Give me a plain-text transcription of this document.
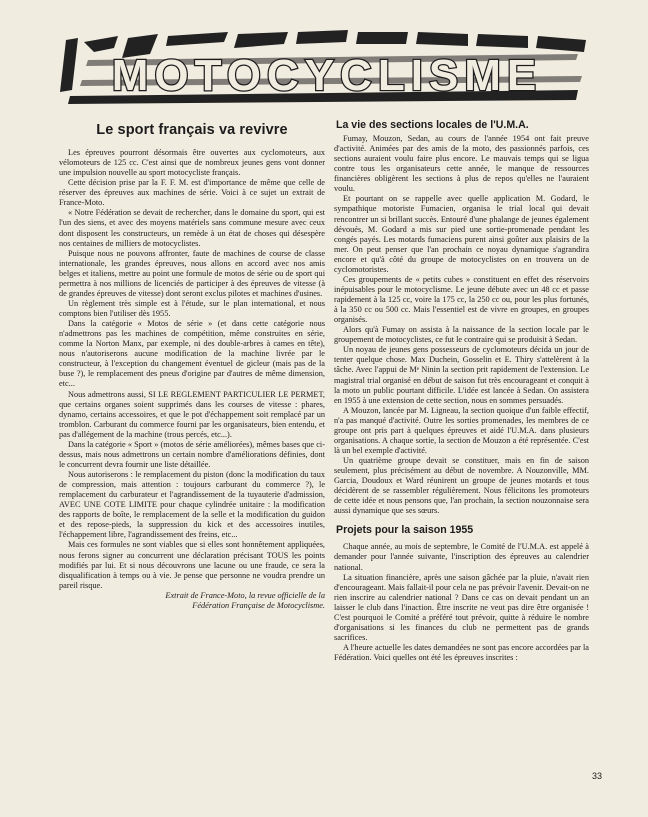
MOTOCYCLISME
Le sport français va revivre

Les épreuves pourront désormais être ouvertes aux cyclomoteurs, aux vélomoteurs de 125 cc. C'est ainsi que de nombreux jeunes gens vont donner une impulsion nouvelle au sport motocycliste français.

Cette décision prise par la F. F. M. est d'importance de même que celle de réserver des épreuves aux machines de série. Voici à ce sujet un extrait de France-Moto.

« Notre Fédération se devait de rechercher, dans le domaine du sport, qui est l'un des siens, et avec des moyens matériels sans commune mesure avec ceux dont disposent les constructeurs, un remède à un état de choses qui désespère nos centaines de milliers de motocyclistes.

Puisque nous ne pouvons affronter, faute de machines de course de classe internationale, les grandes épreuves, nous allons en accord avec nos amis belges et italiens, mettre au point une formule de motos de série ou de sport qui permettra à nos millions de licenciés de participer à des épreuves de vitesse (à de grandes épreuves de vitesse) dont seront exclus pilotes et machines d'usines.

Un règlement très simple est à l'étude, sur le plan international, et nous comptons bien l'utiliser dès 1955.

Dans la catégorie « Motos de série » (et dans cette catégorie nous n'admettrons pas les machines de compétition, même construites en série, comme la Norton Manx, par exemple, ni des double-arbres à cames en tête), nous n'autoriserons aucune modification de la machine livrée par le constructeur, à l'exception du changement éventuel de gicleur (mais pas de la buse ?), le remplacement des pneus d'origine par d'autres de même dimension, etc...

Nous admettrons aussi, SI LE REGLEMENT PARTICULIER LE PERMET, que certains organes soient supprimés dans les courses de vitesse : phares, dynamo, certains accessoires, et que le pot d'échappement soit remplacé par un tromblon. Carburant du commerce fourni par les organisateurs, bien entendu, et pas d'allégement de la machine (trous percés, etc...).

Dans la catégorie « Sport » (motos de série améliorées), mêmes bases que ci-dessus, mais nous admettrons un certain nombre d'améliorations définies, dont le concurrent devra fournir une liste détaillée.

Nous autoriserons : le remplacement du piston (donc la modification du taux de compression, mais attention : toujours carburant du commerce ?), le remplacement du carburateur et l'agrandissement de la tuyauterie d'admission, AVEC UNE COTE LIMITE pour chaque cylindrée unitaire : la modification des rapports de boîte, le remplacement de la selle et la modification du guidon et des repose-pieds, la suppression du kick et des accessoires inutiles, l'échappement libre, l'agrandissement des freins, etc...

Mais ces formules ne sont viables que si elles sont honnêtement appliquées, nous ferons signer au concurrent une déclaration précisant TOUS les points modifiés par lui. Et si nous découvrons une lacune ou une fraude, ce sera la disqualification à temps ou à vie. Je pense que personne ne voudra prendre un pareil risque.

Extrait de France-Moto, la revue officielle de la
Fédération Française de Motocyclisme.

La vie des sections locales de l'U.M.A.

Fumay, Mouzon, Sedan, au cours de l'année 1954 ont fait preuve d'activité. Animées par des amis de la moto, des passionnés parfois, ces sections auraient voulu faire plus encore. Le mauvais temps qui se ligua contre tous les organisateurs cette année, le manque de ressources financières obligèrent les sections à plus de repos qu'elles ne l'auraient voulu.

Et pourtant on se rappelle avec quelle application M. Godard, le sympathique motoriste Fumacien, organisa le trial local qui devait rencontrer un si brillant succès. Entouré d'une phalange de jeunes également dévoués, M. Godard a mis sur pied une sortie-promenade pendant les congés payés. Les motards fumaciens purent ainsi goûter aux plaisirs de la mer. On peut penser que l'an prochain ce noyau dynamique s'agrandira encore et qu'à côté du groupe de motocyclistes on en trouvera un de cyclomotoristes.

Ces groupements de « petits cubes » constituent en effet des réservoirs inépuisables pour le motocyclisme. Le jeune débute avec un 48 cc et passe rapidement à la 125 cc, voire la 175 cc, la 250 cc ou, pour les plus fortunés, à la 350 cc ou 500 cc. Mais l'essentiel est de vivre en groupes, en groupes organisés.

Alors qu'à Fumay on assista à la naissance de la section locale par le groupement de motocyclistes, ce fut le contraire qui se produisit à Sedan.

Un noyau de jeunes gens possesseurs de cyclomoteurs décida un jour de tenter quelque chose. Max Duchein, Gosselin et E. Thiry s'attelèrent à la tâche. Avec l'appui de Mᵉ Ninin la section prit rapidement de l'extension. Le magistral trial organisé en début de saison fut très encourageant et conquit à la moto un public pourtant difficile. L'idée est lancée à Sedan. On assistera en 1955 à une extension de cette section, nous en sommes persuadés.

A Mouzon, lancée par M. Ligneau, la section quoique d'un faible effectif, n'a pas manqué d'activité. Outre les sorties promenades, les membres de ce groupe ont pris part à quelques épreuves et aidé l'U.M.A. dans plusieurs organisations. A chaque sortie, la section de Mouzon a été représentée. C'est là un bel exemple d'activité.

Un quatrième groupe devait se constituer, mais en fin de saison seulement, plus précisément au début de novembre. A Nouzonville, MM. Garcia, Doudoux et Ward réunirent un groupe de jeunes motards et tous décidèrent de se rassembler régulièrement. Nous félicitons les promoteurs de cette idée et nous pensons que, l'an prochain, la section nouzonnaise sera aussi dynamique que ses sœurs.

Projets pour la saison 1955

Chaque année, au mois de septembre, le Comité de l'U.M.A. est appelé à demander pour l'année suivante, l'inscription des épreuves au calendrier national.

La situation financière, après une saison gâchée par la pluie, n'avait rien d'encourageant. Mais fallait-il pour cela ne pas prévoir l'avenir. Devait-on ne rien inscrire au calendrier national ? Dans ce cas on devait pendant un an laisser le club dans l'inaction. Être inscrite ne veut pas dire être organisée ! C'est pourquoi le Comité a préféré tout prévoir, quitte à réduire le nombre d'organisations si les finances du club ne permettent pas de grands sacrifices.

A l'heure actuelle les dates demandées ne sont pas encore accordées par la Fédération. Voici quelles ont été les épreuves inscrites :

33
